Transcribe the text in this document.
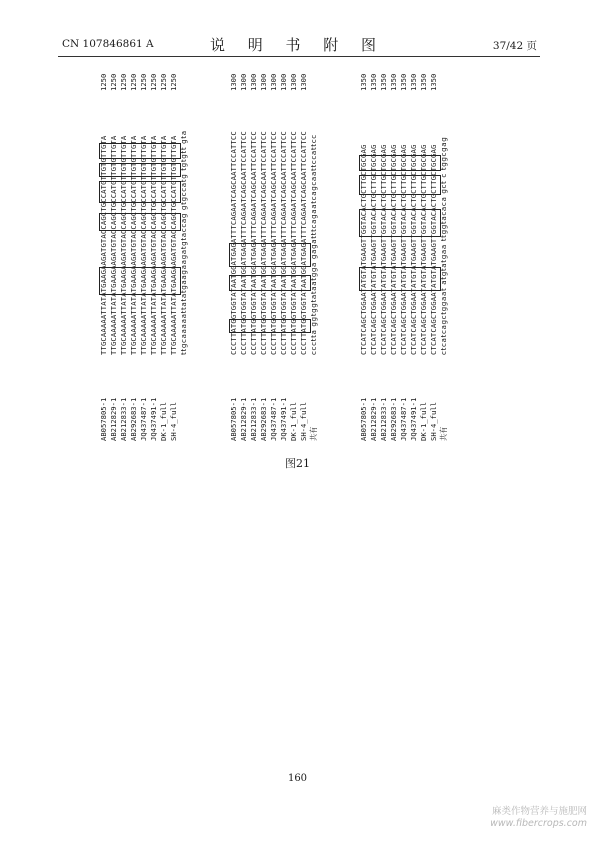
CN 107846861 A	说 明 书 附 图	37/42 页
AB057805-1
TTGCAAAAATTATATGAAGAAGATGTACCAGCTGCCATGTTGTGTTGTA
1250
AB212829-1
TTGCAAAAATTATATGAAGAAGATGTACCAGCTGCCATGTTGTGTTGTA
1250
AB212833-1
TTGCAAAAATTATATGAAGAAGATGTACCAGCTGCCATGTTGTGTTGTA
1250
AB292683-1
TTGCAAAAATTATATGAAGAAGATGTACCAGCTGCCATGTTGTGTTGTA
1250
JQ437487-1
TTGCAAAAATTATATGAAGAAGATGTACCAGCTGCCATGTTGTGTTGTA
1250
JQ437491-1
TTGCAAAAATTATATGAAGAAGATGTACCAGCTGCCATGTTGTGTTGTA
1250
DK-1_full
TTGCAAAAATTATATGAAGAAGATGTACCAGCTGCCATGTTGTGTTGTA
1250
SH-4_full
TTGCAAAAATTATATGAAGAAGATGTACCAGCTGCCATGTTGTGTTGTA
1250
ttgcaaaaattatatgaagaagatgtaccag gtgccatg tgtgtt gta
AB057805-1
CCCTTATGGTGGTATAATGGATGAGATTTCAGAATCAGCAATTCCATTCC
1300
AB212829-1
CCCTTATGGTGGTATAATGGATGAGATTTCAGAATCAGCAATTCCATTCC
1300
AB212833-1
CCCTTATGGTGGTATAATGGATGAGATTTCAGAATCAGCAATTCCATTCC
1300
AB292683-1
CCCTTATGGTGGTATAATGGATGAGATTTCAGAATCAGCAATTCCATTCC
1300
JQ437487-1
CCCTTATGGTGGTATAATGGATGAGATTTCAGAATCAGCAATTCCATTCC
1300
JQ437491-1
CCCTTATGGTGGTATAATGGATGAGATTTCAGAATCAGCAATTCCATTCC
1300
DK-1_full
CCCTTATGGTGGTATAATGGATGAGATTTCAGAATCAGCAATTCCATTCC
1300
SH-4_full
CCCTTATGGTGGTATAATGGATGAGATTTCAGAATCAGCAATTCCATTCC
1300
共有
ccctta ggtggtataatgga gagatttcagaatcagcaattccattcc
AB057805-1
CTCATCAGCTGGAATATGTATGAAGTTGGTACACTGCTTGCTGCGAG
1350
AB212829-1
CTCATCAGCTGGAATATGTATGAAGTTGGTACACTGCTTGCTGCGAG
1350
AB212833-1
CTCATCAGCTGGAATATGTATGAAGTTGGTACACTGCTTGCTGCGAG
1350
AB292683-1
CTCATCAGCTGGAATATGTATGAAGTTGGTACACTGCTTGCTGCGAG
1350
JQ437487-1
CTCATCAGCTGGAATATGTATGAAGTTGGTACACTGCTTGCTGCGAG
1350
JQ437491-1
CTCATCAGCTGGAATATGTATGAAGTTGGTACACTGCTTGCTGCGAG
1350
DK-1_full
CTCATCAGCTGGAATATGTATGAAGTTGGTACACTGCTTGCTGCGAG
1350
SH-4_full
CTCATCAGCTGGAATATGTATGAAGTTGGTACACTGCTTGCTGCGAG
1350
共有
ctcatcagctggaat atgtatgaa ttggtacaca gct c tggcgag
图21
160
麻类作物营养与施肥网
www.fibercrops.com
